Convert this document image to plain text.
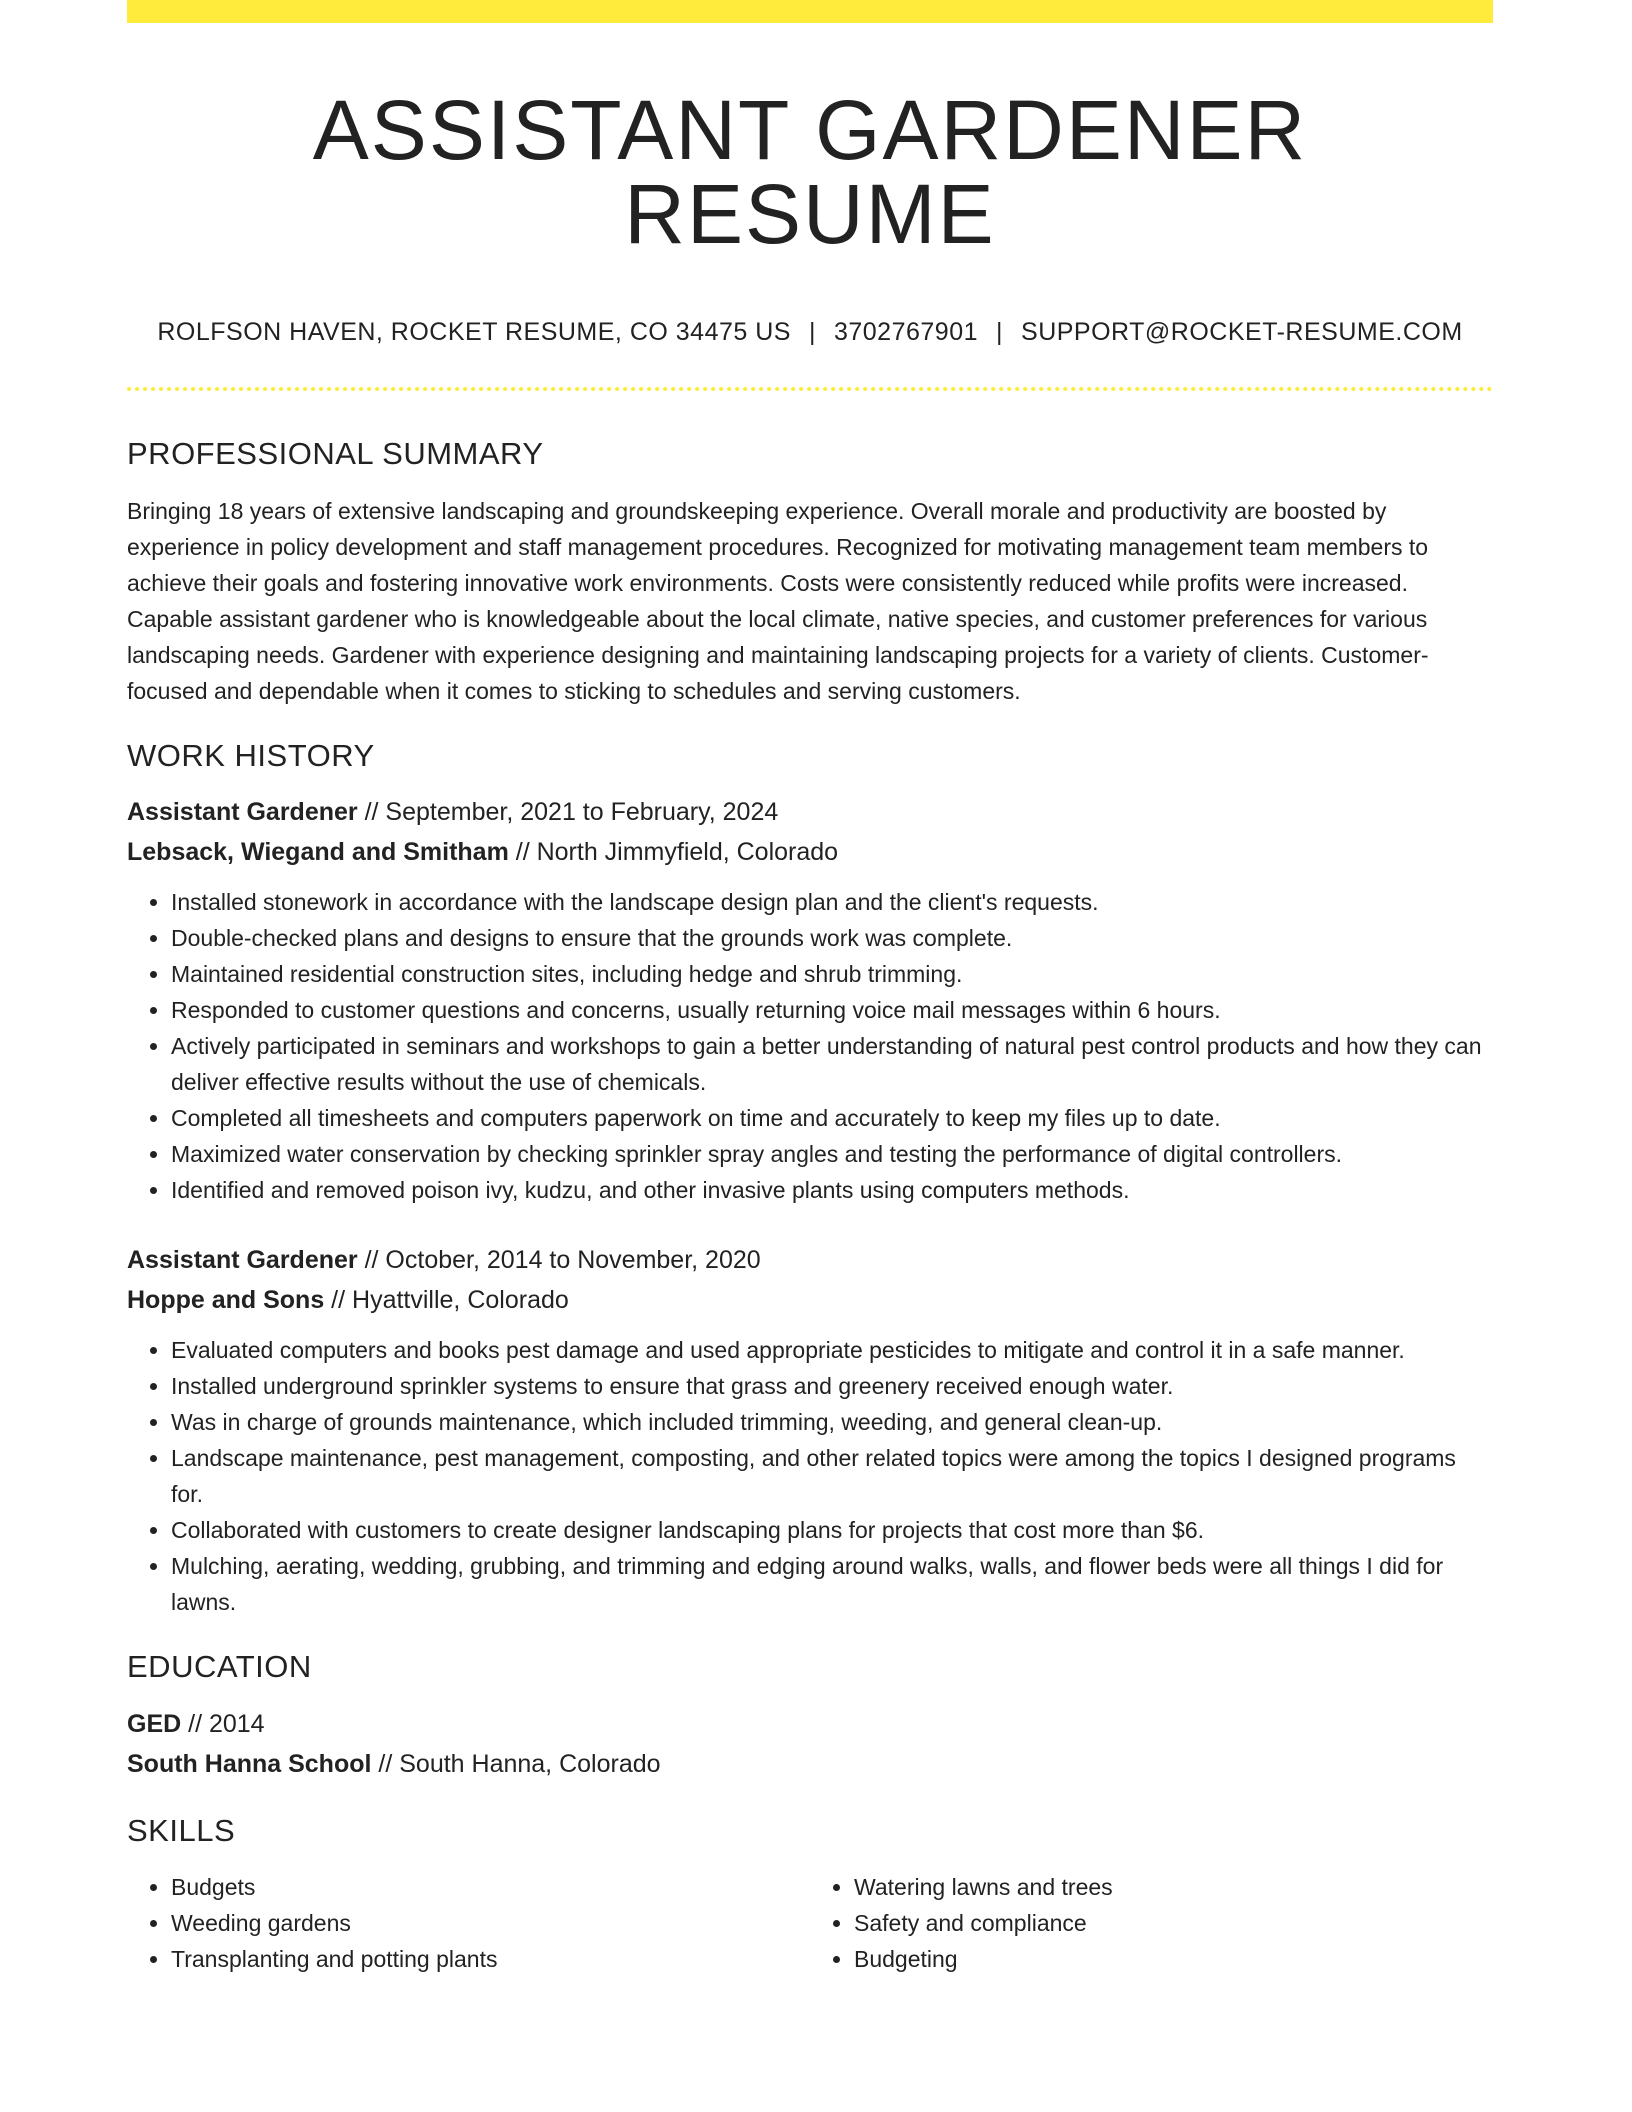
ASSISTANT GARDENER RESUME
ROLFSON HAVEN, ROCKET RESUME, CO 34475 US | 3702767901 | SUPPORT@ROCKET-RESUME.COM
PROFESSIONAL SUMMARY

Bringing 18 years of extensive landscaping and groundskeeping experience. Overall morale and productivity are boosted by experience in policy development and staff management procedures. Recognized for motivating management team members to achieve their goals and fostering innovative work environments. Costs were consistently reduced while profits were increased. Capable assistant gardener who is knowledgeable about the local climate, native species, and customer preferences for various landscaping needs. Gardener with experience designing and maintaining landscaping projects for a variety of clients. Customer-focused and dependable when it comes to sticking to schedules and serving customers.

WORK HISTORY
Assistant Gardener // September, 2021 to February, 2024
Lebsack, Wiegand and Smitham // North Jimmyfield, Colorado
• Installed stonework in accordance with the landscape design plan and the client's requests.
• Double-checked plans and designs to ensure that the grounds work was complete.
• Maintained residential construction sites, including hedge and shrub trimming.
• Responded to customer questions and concerns, usually returning voice mail messages within 6 hours.
• Actively participated in seminars and workshops to gain a better understanding of natural pest control products and how they can deliver effective results without the use of chemicals.
• Completed all timesheets and computers paperwork on time and accurately to keep my files up to date.
• Maximized water conservation by checking sprinkler spray angles and testing the performance of digital controllers.
• Identified and removed poison ivy, kudzu, and other invasive plants using computers methods.
Assistant Gardener // October, 2014 to November, 2020
Hoppe and Sons // Hyattville, Colorado
• Evaluated computers and books pest damage and used appropriate pesticides to mitigate and control it in a safe manner.
• Installed underground sprinkler systems to ensure that grass and greenery received enough water.
• Was in charge of grounds maintenance, which included trimming, weeding, and general clean-up.
• Landscape maintenance, pest management, composting, and other related topics were among the topics I designed programs for.
• Collaborated with customers to create designer landscaping plans for projects that cost more than $6.
• Mulching, aerating, wedding, grubbing, and trimming and edging around walks, walls, and flower beds were all things I did for lawns.
EDUCATION
GED // 2014
South Hanna School // South Hanna, Colorado
SKILLS
• Budgets
• Weeding gardens
• Transplanting and potting plants
• Watering lawns and trees
• Safety and compliance
• Budgeting
